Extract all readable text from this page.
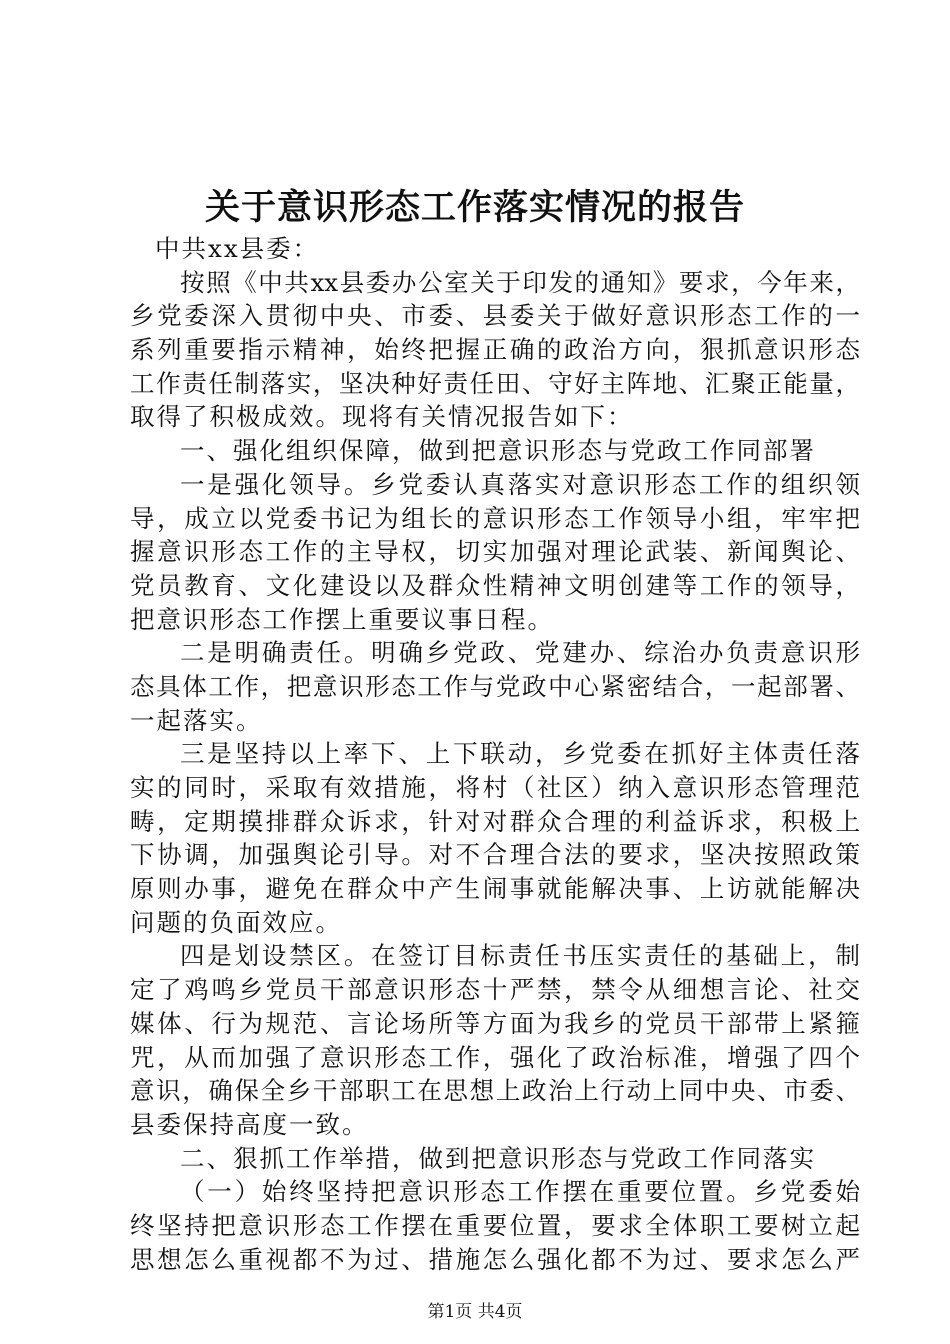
关于意识形态工作落实情况的报告
中共xx县委：
按照《中共xx县委办公室关于印发的通知》要求，今年来，
乡党委深入贯彻中央、市委、县委关于做好意识形态工作的一
系列重要指示精神，始终把握正确的政治方向，狠抓意识形态
工作责任制落实，坚决种好责任田、守好主阵地、汇聚正能量，
取得了积极成效。现将有关情况报告如下：
一、强化组织保障，做到把意识形态与党政工作同部署
一是强化领导。乡党委认真落实对意识形态工作的组织领
导，成立以党委书记为组长的意识形态工作领导小组，牢牢把
握意识形态工作的主导权，切实加强对理论武装、新闻舆论、
党员教育、文化建设以及群众性精神文明创建等工作的领导，
把意识形态工作摆上重要议事日程。
二是明确责任。明确乡党政、党建办、综治办负责意识形
态具体工作，把意识形态工作与党政中心紧密结合，一起部署、
一起落实。
三是坚持以上率下、上下联动，乡党委在抓好主体责任落
实的同时，采取有效措施，将村（社区）纳入意识形态管理范
畴，定期摸排群众诉求，针对对群众合理的利益诉求，积极上
下协调，加强舆论引导。对不合理合法的要求，坚决按照政策
原则办事，避免在群众中产生闹事就能解决事、上访就能解决
问题的负面效应。
四是划设禁区。在签订目标责任书压实责任的基础上，制
定了鸡鸣乡党员干部意识形态十严禁，禁令从细想言论、社交
媒体、行为规范、言论场所等方面为我乡的党员干部带上紧箍
咒，从而加强了意识形态工作，强化了政治标准，增强了四个
意识，确保全乡干部职工在思想上政治上行动上同中央、市委、
县委保持高度一致。
二、狠抓工作举措，做到把意识形态与党政工作同落实
（一）始终坚持把意识形态工作摆在重要位置。乡党委始
终坚持把意识形态工作摆在重要位置，要求全体职工要树立起
思想怎么重视都不为过、措施怎么强化都不为过、要求怎么严
第1页 共4页
